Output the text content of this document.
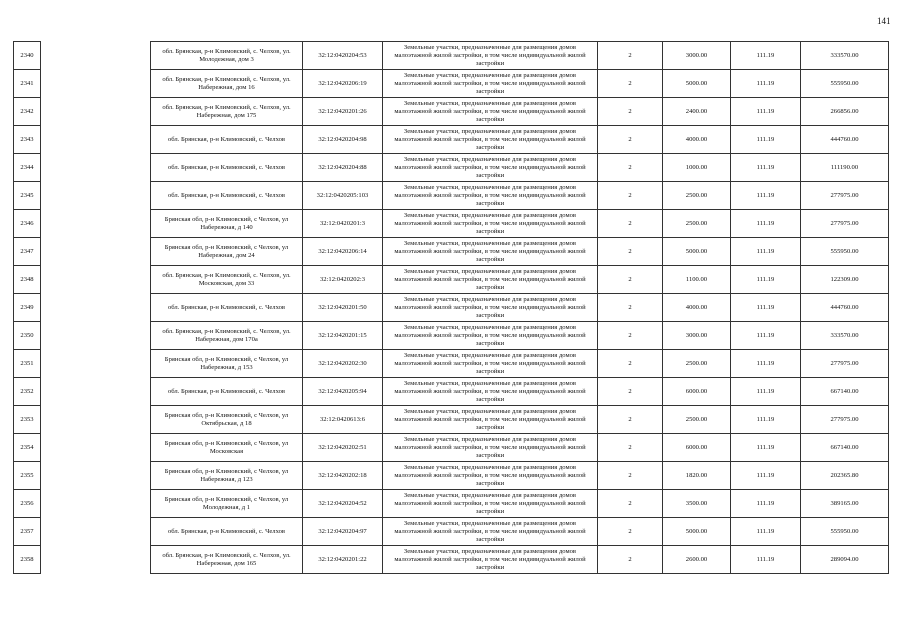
141
2340		обл. Брянская, р-н Климовский, с. Челхов, ул. Молодежная, дом 3	32:12:0420204:53	Земельные участки, предназначенные для размещения домов малоэтажной жилой застройки, в том числе индивидуальной жилой застройки	2	3000.00	111.19	333570.00
2341		обл. Брянская, р-н Климовский, с. Челхов, ул. Набережная, дом 16	32:12:0420206:19	Земельные участки, предназначенные для размещения домов малоэтажной жилой застройки, в том числе индивидуальной жилой застройки	2	5000.00	111.19	555950.00
2342		обл. Брянская, р-н Климовский, с. Челхов, ул. Набережная, дом 175	32:12:0420201:26	Земельные участки, предназначенные для размещения домов малоэтажной жилой застройки, в том числе индивидуальной жилой застройки	2	2400.00	111.19	266856.00
2343		обл. Брянская, р-н Климовский, с. Челхов	32:12:0420204:98	Земельные участки, предназначенные для размещения домов малоэтажной жилой застройки, в том числе индивидуальной жилой застройки	2	4000.00	111.19	444760.00
2344		обл. Брянская, р-н Климовский, с. Челхов	32:12:0420204:88	Земельные участки, предназначенные для размещения домов малоэтажной жилой застройки, в том числе индивидуальной жилой застройки	2	1000.00	111.19	111190.00
2345		обл. Брянская, р-н Климовский, с. Челхов	32:12:0420205:103	Земельные участки, предназначенные для размещения домов малоэтажной жилой застройки, в том числе индивидуальной жилой застройки	2	2500.00	111.19	277975.00
2346		Брянская обл, р-н Климовский, с Челхов, ул Набережная, д 140	32:12:0420201:3	Земельные участки, предназначенные для размещения домов малоэтажной жилой застройки, в том числе индивидуальной жилой застройки	2	2500.00	111.19	277975.00
2347		Брянская обл, р-н Климовский, с Челхов, ул Набережная, дом 24	32:12:0420206:14	Земельные участки, предназначенные для размещения домов малоэтажной жилой застройки, в том числе индивидуальной жилой застройки	2	5000.00	111.19	555950.00
2348		обл. Брянская, р-н Климовский, с. Челхов, ул. Московская, дом 33	32:12:0420202:3	Земельные участки, предназначенные для размещения домов малоэтажной жилой застройки, в том числе индивидуальной жилой застройки	2	1100.00	111.19	122309.00
2349		обл. Брянская, р-н Климовский, с. Челхов	32:12:0420201:50	Земельные участки, предназначенные для размещения домов малоэтажной жилой застройки, в том числе индивидуальной жилой застройки	2	4000.00	111.19	444760.00
2350		обл. Брянская, р-н Климовский, с. Челхов, ул. Набережная, дом 170а	32:12:0420201:15	Земельные участки, предназначенные для размещения домов малоэтажной жилой застройки, в том числе индивидуальной жилой застройки	2	3000.00	111.19	333570.00
2351		Брянская обл, р-н Климовский, с Челхов, ул Набережная, д 153	32:12:0420202:30	Земельные участки, предназначенные для размещения домов малоэтажной жилой застройки, в том числе индивидуальной жилой застройки	2	2500.00	111.19	277975.00
2352		обл. Брянская, р-н Климовский, с. Челхов	32:12:0420205:94	Земельные участки, предназначенные для размещения домов малоэтажной жилой застройки, в том числе индивидуальной жилой застройки	2	6000.00	111.19	667140.00
2353		Брянская обл, р-н Климовский, с Челхов, ул Октябрьская, д 18	32:12:0420613:6	Земельные участки, предназначенные для размещения домов малоэтажной жилой застройки, в том числе индивидуальной жилой застройки	2	2500.00	111.19	277975.00
2354		Брянская обл, р-н Климовский, с Челхов, ул Московская	32:12:0420202:51	Земельные участки, предназначенные для размещения домов малоэтажной жилой застройки, в том числе индивидуальной жилой застройки	2	6000.00	111.19	667140.00
2355		Брянская обл, р-н Климовский, с Челхов, ул Набережная, д 123	32:12:0420202:18	Земельные участки, предназначенные для размещения домов малоэтажной жилой застройки, в том числе индивидуальной жилой застройки	2	1820.00	111.19	202365.80
2356		Брянская обл, р-н Климовский, с Челхов, ул Молодежная, д 1	32:12:0420204:52	Земельные участки, предназначенные для размещения домов малоэтажной жилой застройки, в том числе индивидуальной жилой застройки	2	3500.00	111.19	389165.00
2357		обл. Брянская, р-н Климовский, с. Челхов	32:12:0420204:97	Земельные участки, предназначенные для размещения домов малоэтажной жилой застройки, в том числе индивидуальной жилой застройки	2	5000.00	111.19	555950.00
2358		обл. Брянская, р-н Климовский, с. Челхов, ул. Набережная, дом 165	32:12:0420201:22	Земельные участки, предназначенные для размещения домов малоэтажной жилой застройки, в том числе индивидуальной жилой застройки	2	2600.00	111.19	289094.00
